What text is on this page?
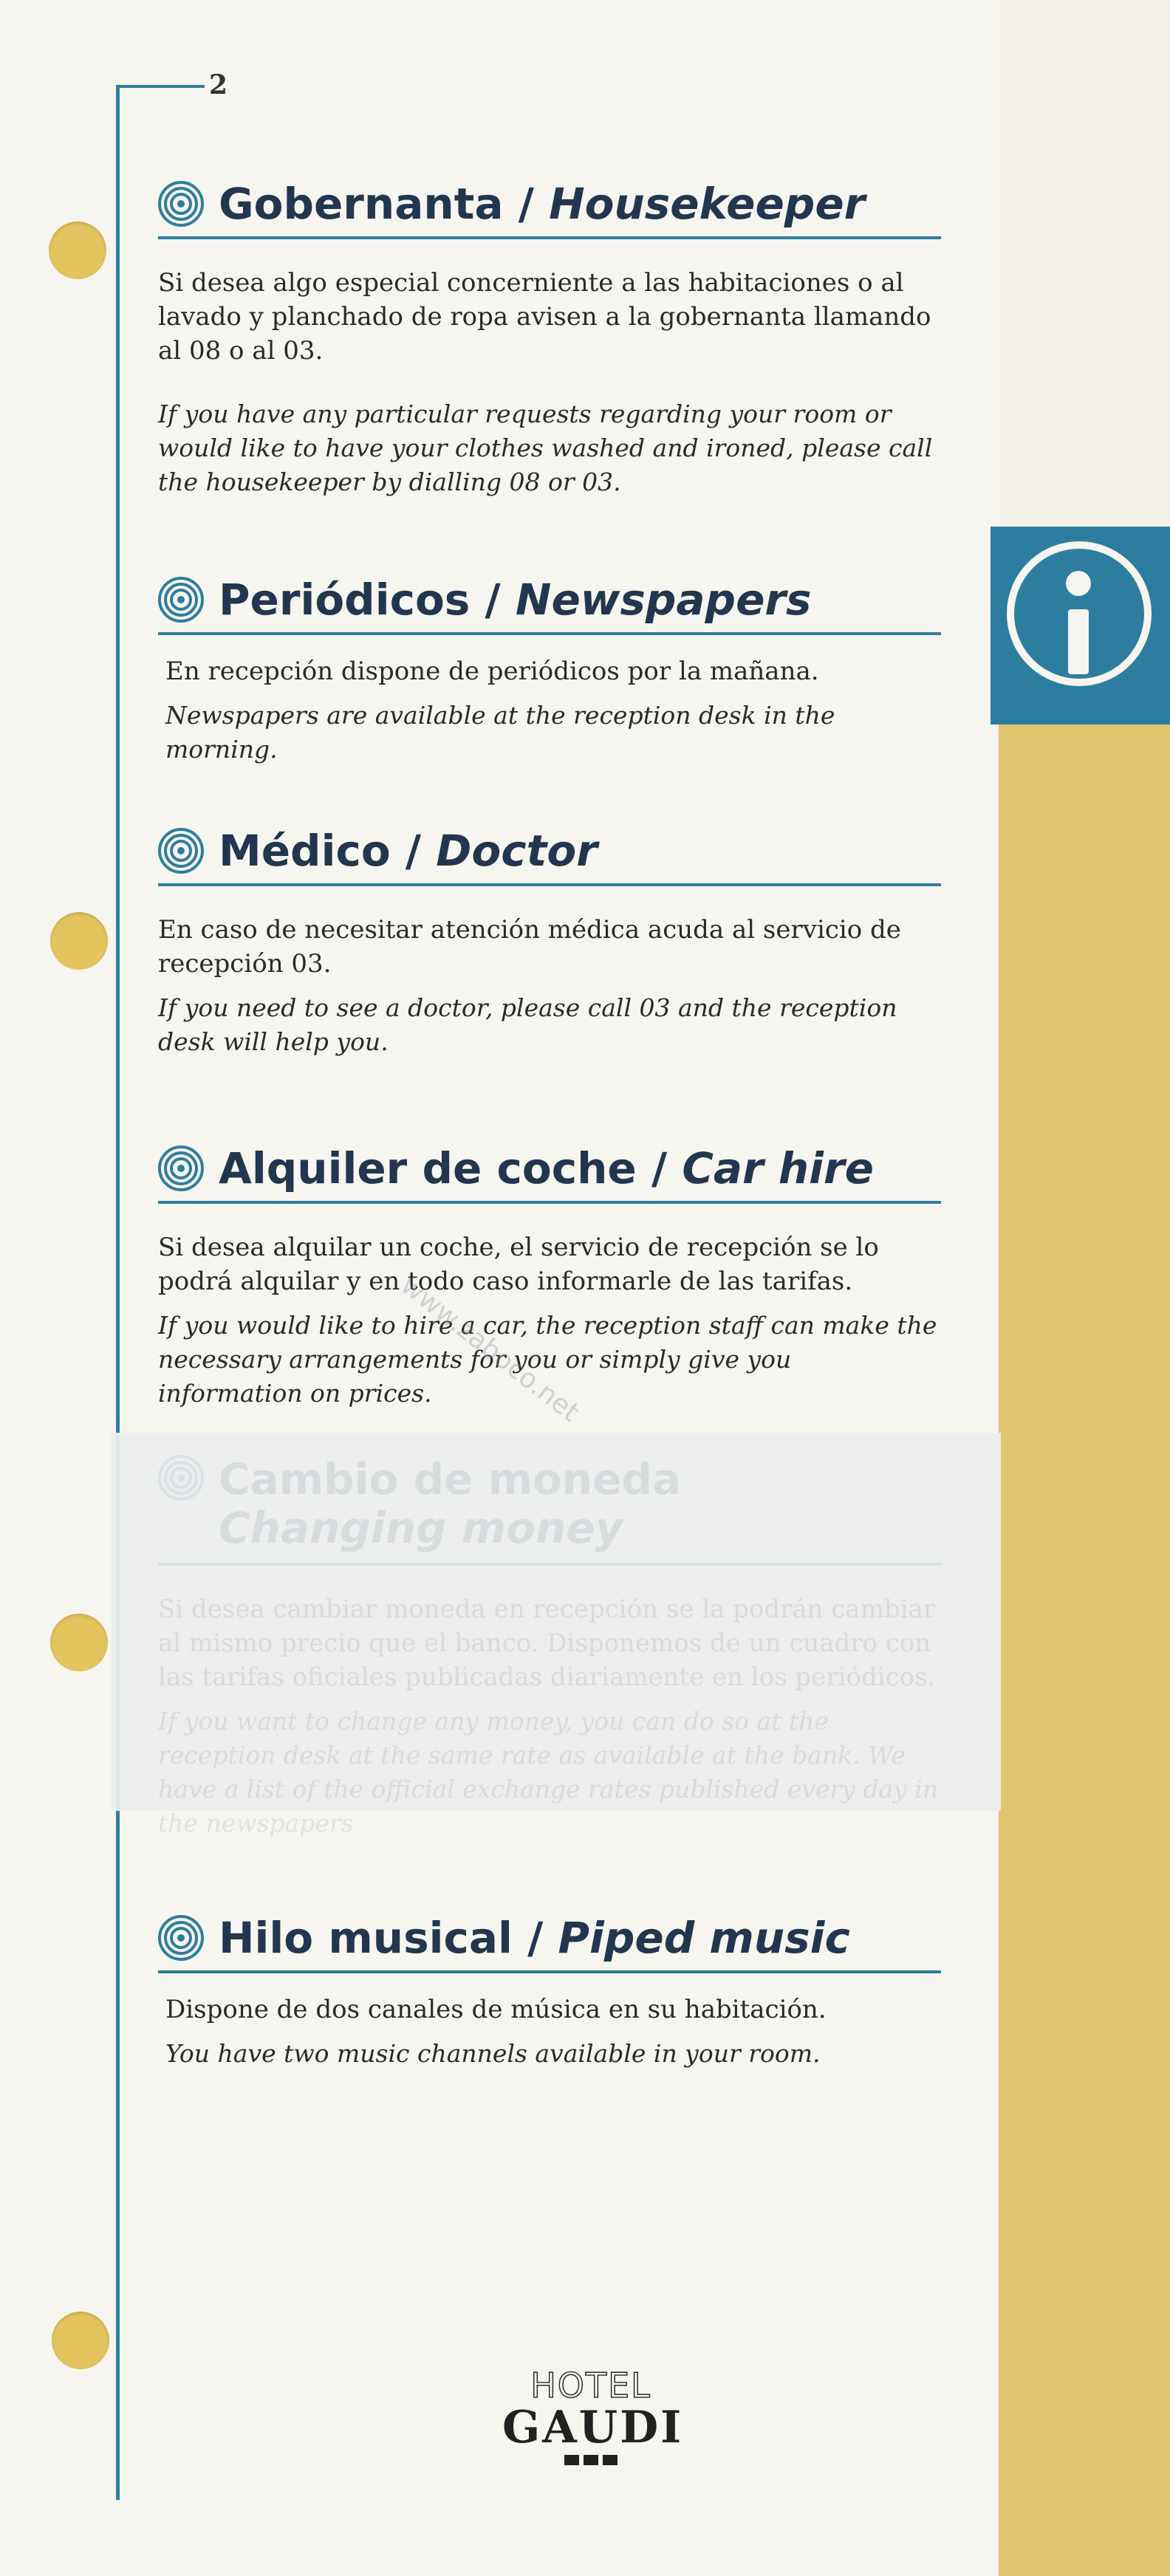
2
Gobernanta /
Housekeeper
Si desea algo especial concerniente a las habitaciones o al lavado y planchado de ropa avisen a la gobernanta llamando al 08 o al 03.
If you have any particular requests regarding your room or would like to have your clothes washed and ironed, please call the housekeeper by dialling 08 or 03.
Periódicos /
Newspapers
En recepción dispone de periódicos por la mañana.
Newspapers are available at the reception desk in the morning.
Médico /
Doctor
En caso de necesitar atención médica acuda al servicio de recepción 03.
If you need to see a doctor, please call 03 and the reception desk will help you.
Alquiler de coche /
Car hire
Si desea alquilar un coche, el servicio de recepción se lo podrá alquilar y en todo caso informarle de las tarifas.
If you would like to hire a car, the reception staff can make the necessary arrangements for you or simply give you information on prices.
www.zaboco.net
Cambio de moneda
Changing money
Si desea cambiar moneda en recepción se la podrán cambiar al mismo precio que el banco. Disponemos de un cuadro con las tarifas oficiales publicadas diariamente en los periódicos.
If you want to change any money, you can do so at the reception desk at the same rate as available at the bank. We have a list of the official exchange rates published every day in the newspapers
Hilo musical /
Piped music
Dispone de dos canales de música en su habitación.
You have two music channels available in your room.
HOTEL
GAUDI
